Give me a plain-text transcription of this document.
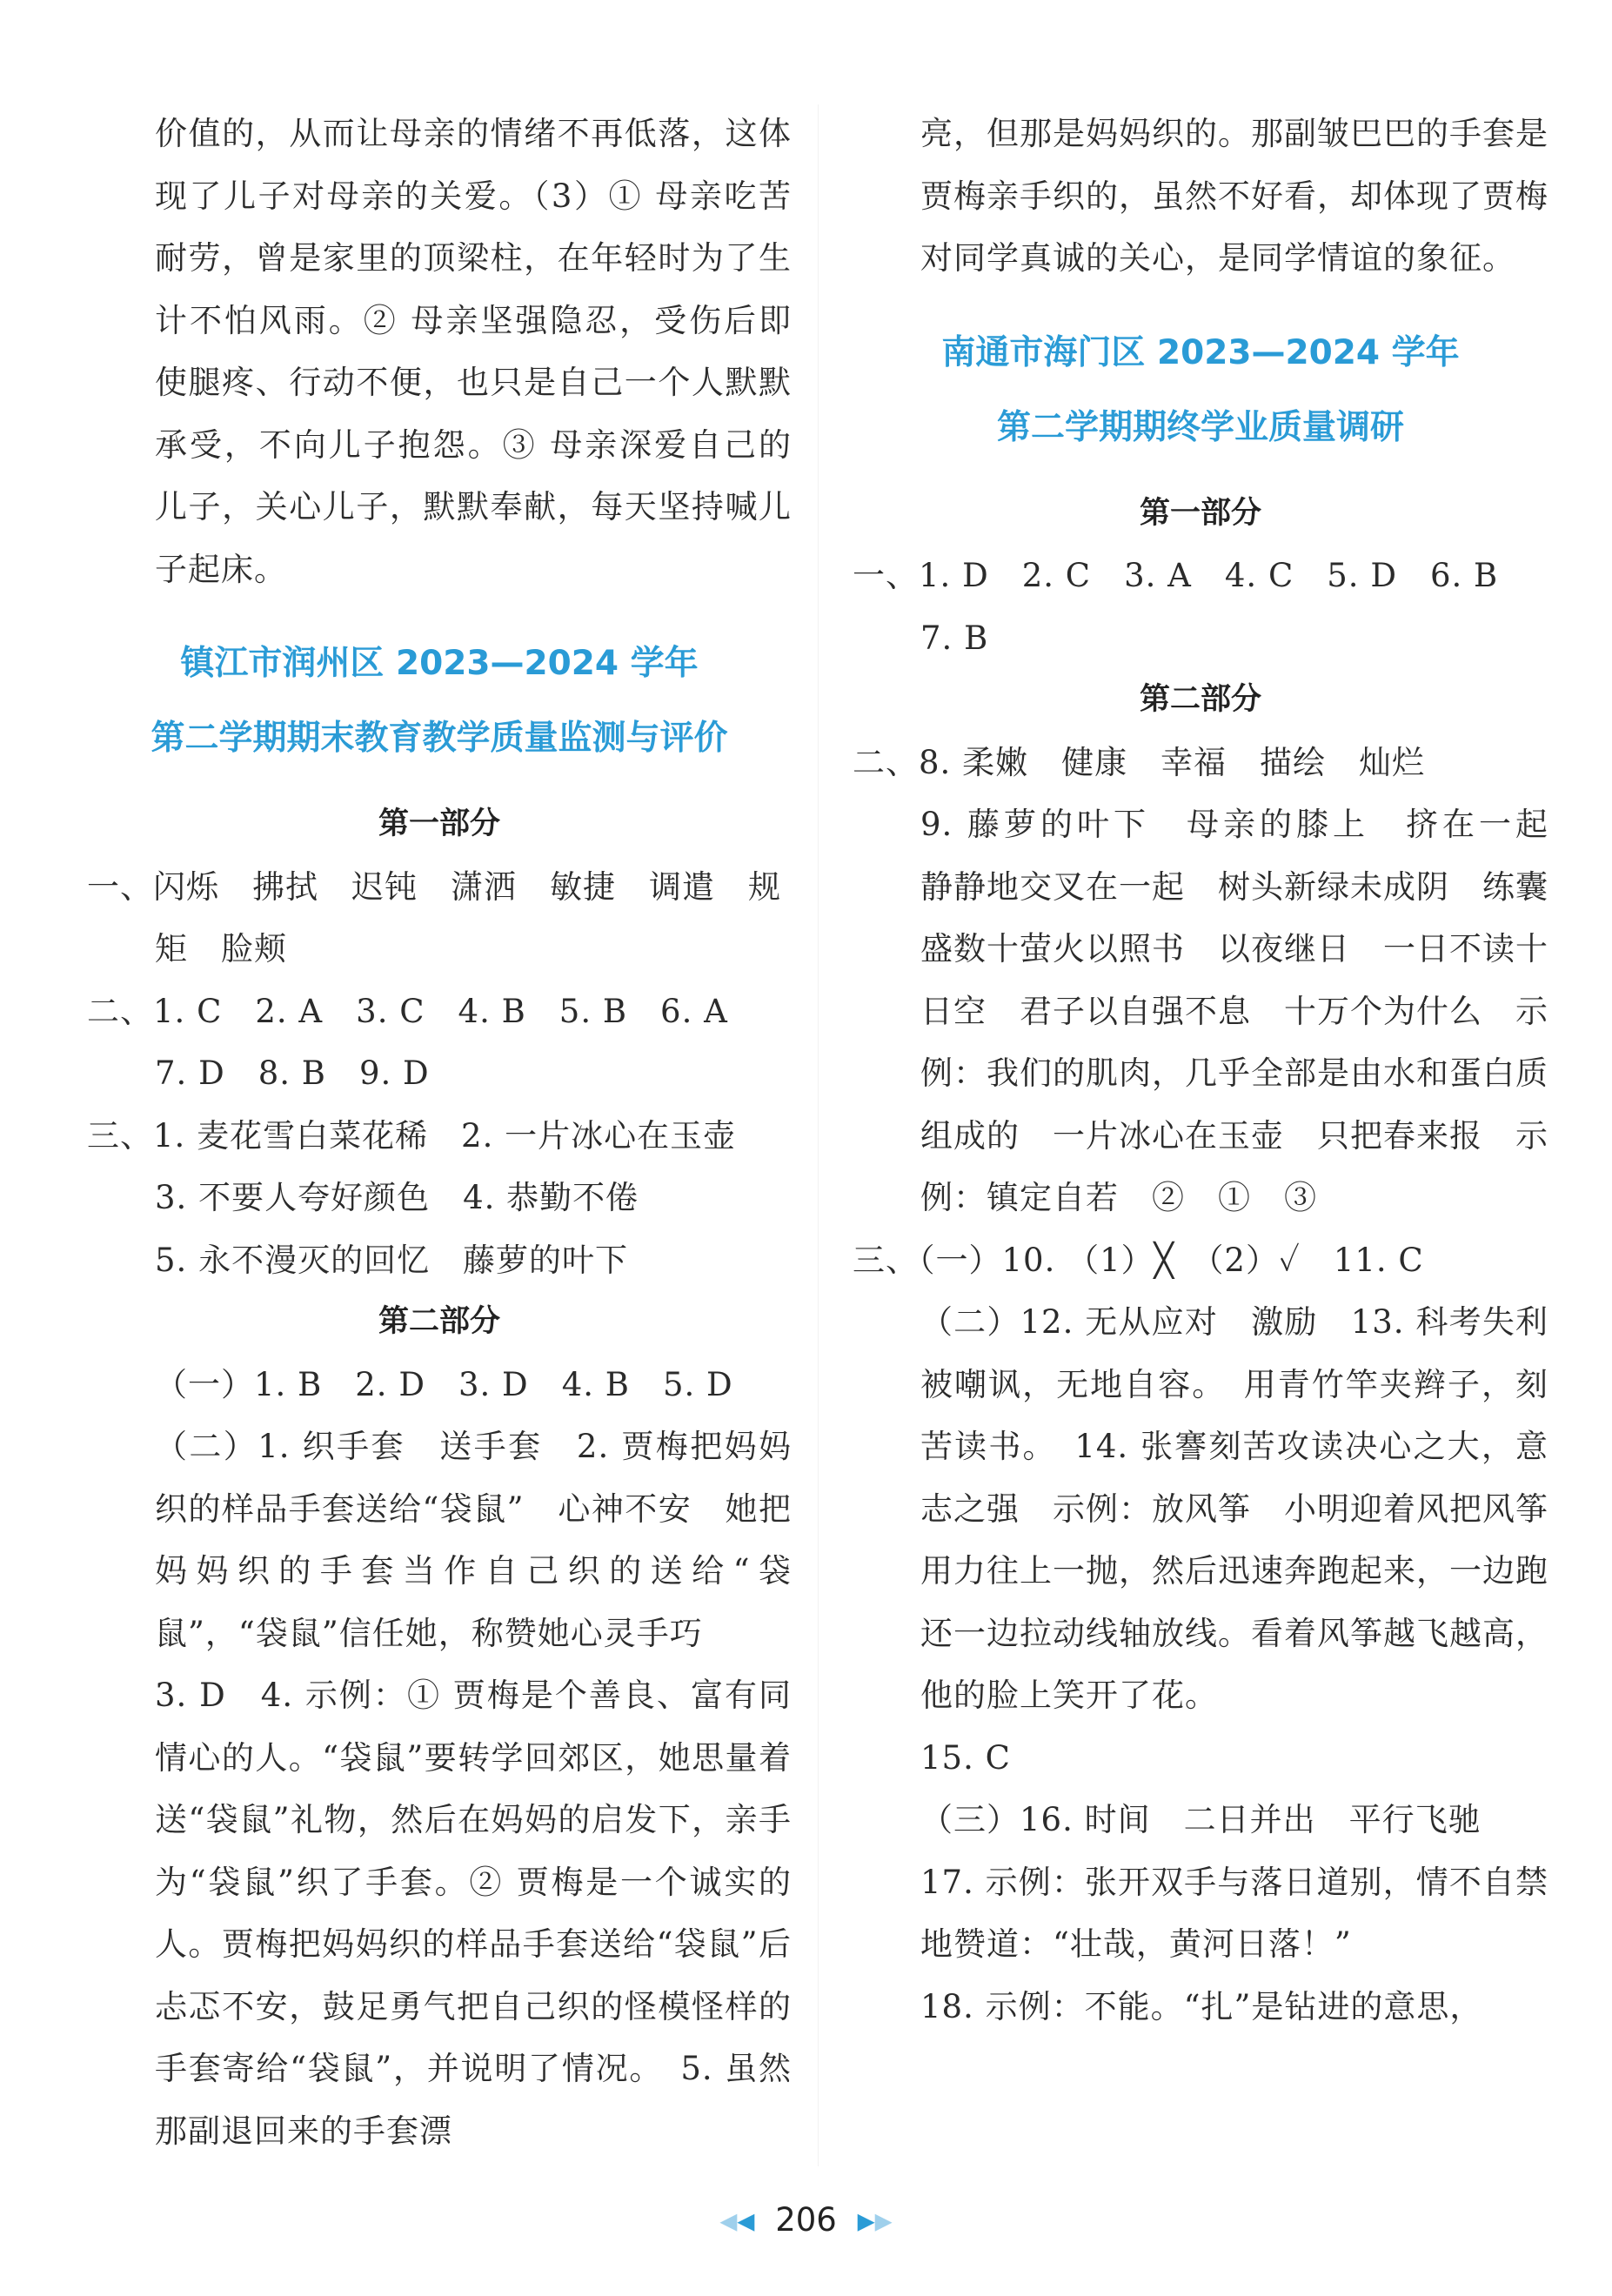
价值的，从而让母亲的情绪不再低落，这体现了儿子对母亲的关爱。（3）① 母亲吃苦耐劳，曾是家里的顶梁柱，在年轻时为了生计不怕风雨。② 母亲坚强隐忍，受伤后即使腿疼、行动不便，也只是自己一个人默默承受，不向儿子抱怨。③ 母亲深爱自己的儿子，关心儿子，默默奉献，每天坚持喊儿子起床。

镇江市润州区 2023—2024 学年

第二学期期末教育教学质量监测与评价

第一部分

一、闪烁　拂拭　迟钝　潇洒　敏捷　调遣　规矩　脸颊

二、1. C　2. A　3. C　4. B　5. B　6. A　7. D　8. B　9. D

三、1. 麦花雪白菜花稀　2. 一片冰心在玉壶

3. 不要人夸好颜色　4. 恭勤不倦

5. 永不漫灭的回忆　藤萝的叶下

第二部分

（一）1. B　2. D　3. D　4. B　5. D

（二）1. 织手套　送手套　2. 贾梅把妈妈织的样品手套送给“袋鼠”　心神不安　她把妈妈织的手套当作自己织的送给“袋鼠”，“袋鼠”信任她，称赞她心灵手巧

3. D　4. 示例：① 贾梅是个善良、富有同情心的人。“袋鼠”要转学回郊区，她思量着送“袋鼠”礼物，然后在妈妈的启发下，亲手为“袋鼠”织了手套。② 贾梅是一个诚实的人。贾梅把妈妈织的样品手套送给“袋鼠”后忐忑不安，鼓足勇气把自己织的怪模怪样的手套寄给“袋鼠”，并说明了情况。　5. 虽然那副退回来的手套漂

亮，但那是妈妈织的。那副皱巴巴的手套是贾梅亲手织的，虽然不好看，却体现了贾梅对同学真诚的关心，是同学情谊的象征。

南通市海门区 2023—2024 学年

第二学期期终学业质量调研

第一部分

一、1. D　2. C　3. A　4. C　5. D　6. B　7. B

第二部分

二、8. 柔嫩　健康　幸福　描绘　灿烂

9. 藤萝的叶下　母亲的膝上　挤在一起　静静地交叉在一起　树头新绿未成阴　练囊盛数十萤火以照书　以夜继日　一日不读十日空　君子以自强不息　十万个为什么　示例：我们的肌肉，几乎全部是由水和蛋白质组成的　一片冰心在玉壶　只把春来报　示例：镇定自若　②　①　③

三、（一）10. （1）╳　（2）✓　11. C

（二）12. 无从应对　激励　13. 科考失利被嘲讽，无地自容。　用青竹竿夹辫子，刻苦读书。　14. 张謇刻苦攻读决心之大，意志之强　示例：放风筝　小明迎着风把风筝用力往上一抛，然后迅速奔跑起来，一边跑还一边拉动线轴放线。看着风筝越飞越高，他的脸上笑开了花。

15. C

（三）16. 时间　二日并出　平行飞驰

17. 示例：张开双手与落日道别，情不自禁地赞道：“壮哉，黄河日落！”

18. 示例：不能。“扎”是钻进的意思，

◀◀ 206 ▶▶
